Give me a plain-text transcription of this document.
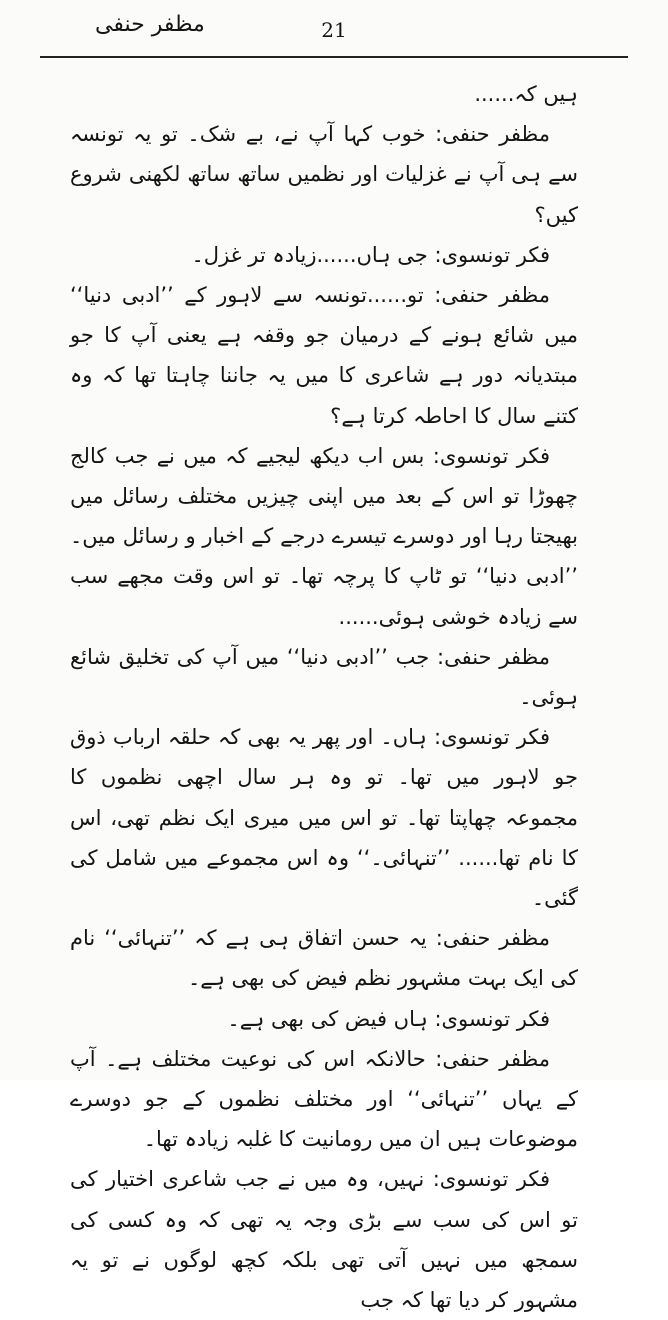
مظفر حنفی	21

ہیں کہ......

مظفر حنفی: خوب کہا آپ نے، بے شک۔ تو یہ تونسہ سے ہی آپ نے غزلیات اور نظمیں ساتھ ساتھ لکھنی شروع کیں؟

فکر تونسوی: جی ہاں......زیادہ تر غزل۔

مظفر حنفی: تو......تونسہ سے لاہور کے ’’ادبی دنیا‘‘ میں شائع ہونے کے درمیان جو وقفہ ہے یعنی آپ کا جو مبتدیانہ دور ہے شاعری کا میں یہ جاننا چاہتا تھا کہ وہ کتنے سال کا احاطہ کرتا ہے؟

فکر تونسوی: بس اب دیکھ لیجیے کہ میں نے جب کالج چھوڑا تو اس کے بعد میں اپنی چیزیں مختلف رسائل میں بھیجتا رہا اور دوسرے تیسرے درجے کے اخبار و رسائل میں۔ ’’ادبی دنیا‘‘ تو ٹاپ کا پرچہ تھا۔ تو اس وقت مجھے سب سے زیادہ خوشی ہوئی......

مظفر حنفی: جب ’’ادبی دنیا‘‘ میں آپ کی تخلیق شائع ہوئی۔

فکر تونسوی: ہاں۔ اور پھر یہ بھی کہ حلقہ ارباب ذوق جو لاہور میں تھا۔ تو وہ ہر سال اچھی نظموں کا مجموعہ چھاپتا تھا۔ تو اس میں میری ایک نظم تھی، اس کا نام تھا...... ’’تنہائی۔‘‘ وہ اس مجموعے میں شامل کی گئی۔

مظفر حنفی: یہ حسن اتفاق ہی ہے کہ ’’تنہائی‘‘ نام کی ایک بہت مشہور نظم فیض کی بھی ہے۔

فکر تونسوی: ہاں فیض کی بھی ہے۔

مظفر حنفی: حالانکہ اس کی نوعیت مختلف ہے۔ آپ کے یہاں ’’تنہائی‘‘ اور مختلف نظموں کے جو دوسرے موضوعات ہیں ان میں رومانیت کا غلبہ زیادہ تھا۔

فکر تونسوی: نہیں، وہ میں نے جب شاعری اختیار کی تو اس کی سب سے بڑی وجہ یہ تھی کہ وہ کسی کی سمجھ میں نہیں آتی تھی بلکہ کچھ لوگوں نے تو یہ مشہور کر دیا تھا کہ جب
